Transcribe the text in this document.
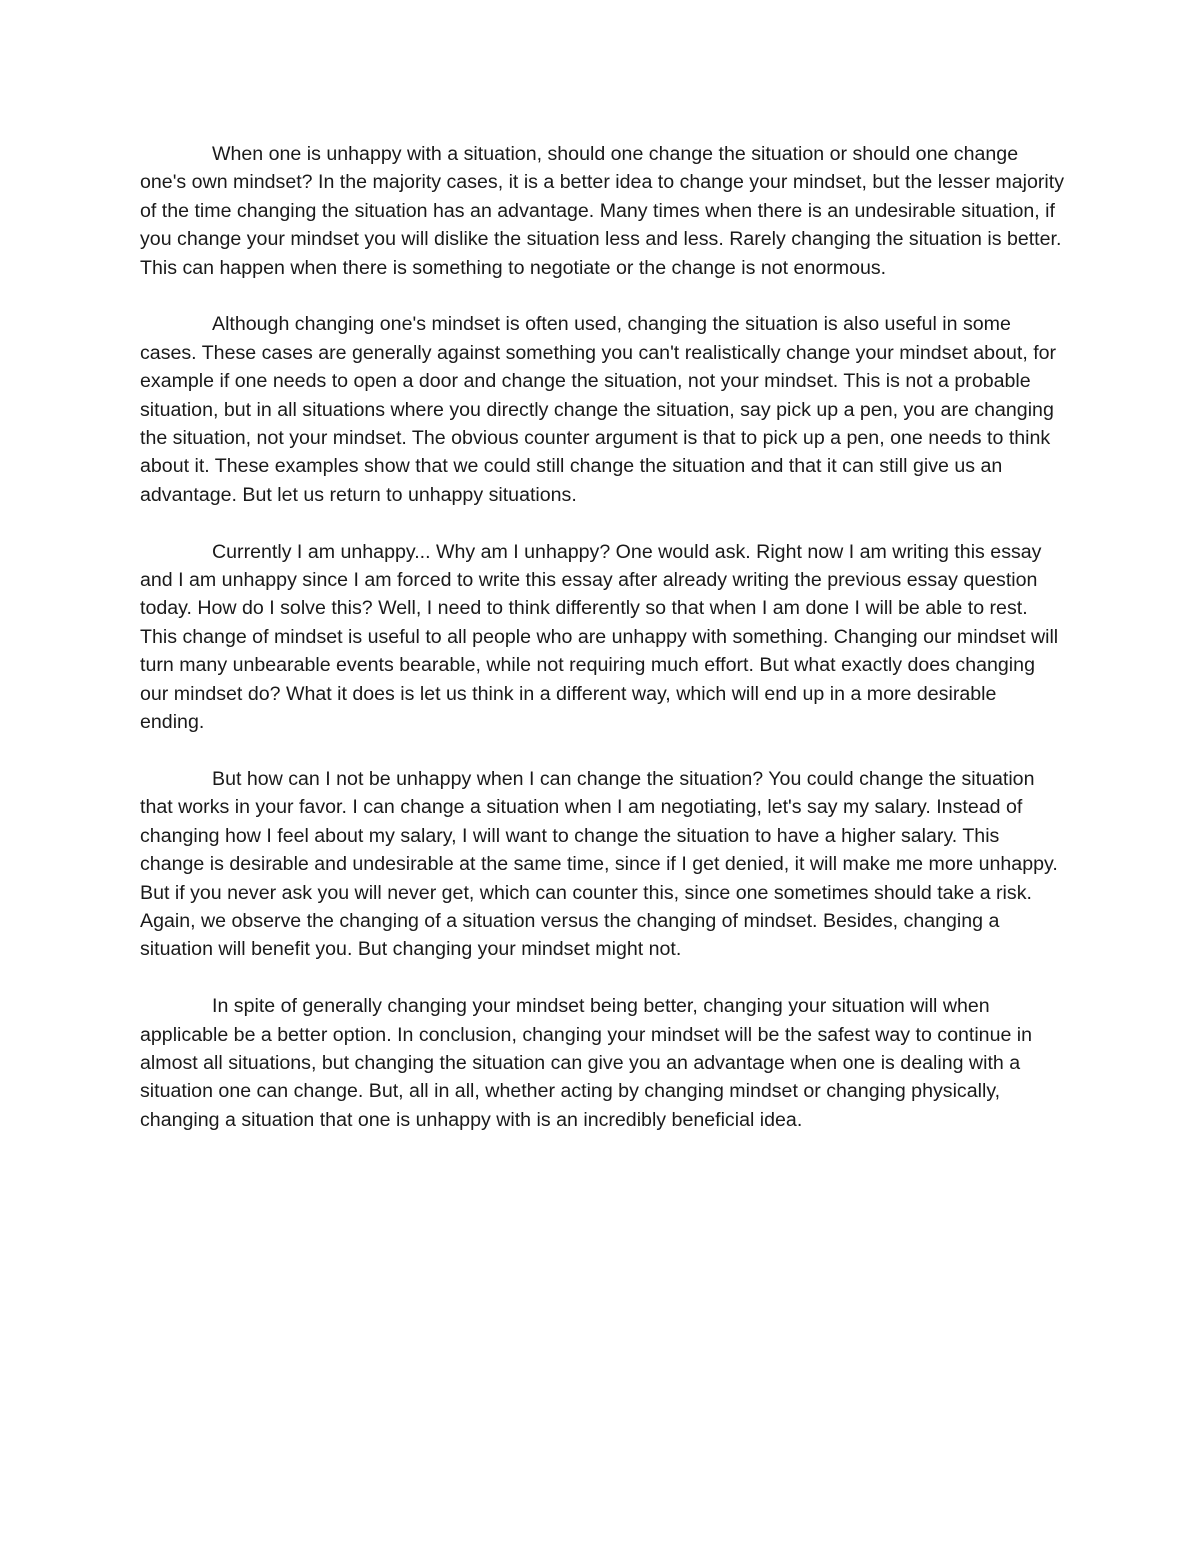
When one is unhappy with a situation, should one change the situation or should one change one's own mindset? In the majority cases, it is a better idea to change your mindset, but the lesser majority of the time changing the situation has an advantage. Many times when there is an undesirable situation, if you change your mindset you will dislike the situation less and less. Rarely changing the situation is better. This can happen when there is something to negotiate or the change is not enormous.

Although changing one's mindset is often used, changing the situation is also useful in some cases. These cases are generally against something you can't realistically change your mindset about, for example if one needs to open a door and change the situation, not your mindset. This is not a probable situation, but in all situations where you directly change the situation, say pick up a pen, you are changing the situation, not your mindset. The obvious counter argument is that to pick up a pen, one needs to think about it. These examples show that we could still change the situation and that it can still give us an advantage. But let us return to unhappy situations.

Currently I am unhappy... Why am I unhappy? One would ask. Right now I am writing this essay and I am unhappy since I am forced to write this essay after already writing the previous essay question today. How do I solve this? Well, I need to think differently so that when I am done I will be able to rest. This change of mindset is useful to all people who are unhappy with something. Changing our mindset will turn many unbearable events bearable, while not requiring much effort. But what exactly does changing our mindset do? What it does is let us think in a different way, which will end up in a more desirable ending.

But how can I not be unhappy when I can change the situation? You could change the situation that works in your favor. I can change a situation when I am negotiating, let's say my salary. Instead of changing how I feel about my salary, I will want to change the situation to have a higher salary. This change is desirable and undesirable at the same time, since if I get denied, it will make me more unhappy. But if you never ask you will never get, which can counter this, since one sometimes should take a risk. Again, we observe the changing of a situation versus the changing of mindset. Besides, changing a situation will benefit you. But changing your mindset might not.

In spite of generally changing your mindset being better, changing your situation will when applicable be a better option. In conclusion, changing your mindset will be the safest way to continue in almost all situations, but changing the situation can give you an advantage when one is dealing with a situation one can change. But, all in all, whether acting by changing mindset or changing physically, changing a situation that one is unhappy with is an incredibly beneficial idea.
